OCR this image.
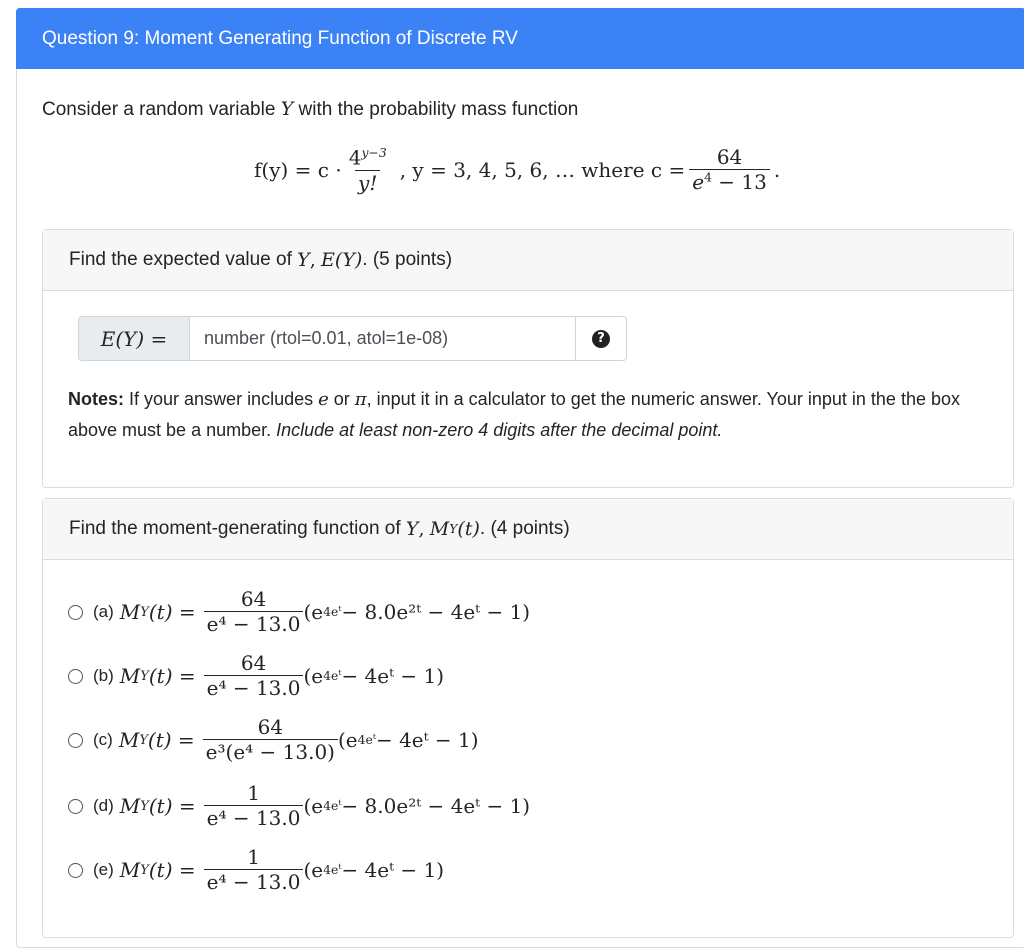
Question 9: Moment Generating Function of Discrete RV
Consider a random variable Y with the probability mass function
$f(y) = c \cdot \frac{4^{y-3}}{y!}$ , y = 3, 4, 5, 6, … where $c = \frac{64}{e^4 - 13}$ .
Find the expected value of
Y ,
E(Y) . (5 points)
E(Y) =
number (rtol=0.01, atol=1e-08)	?
Notes: If your answer includes e or π, input it in a calculator to get the numeric answer. Your input in the the box above must be a number. Include at least non-zero 4 digits after the decimal point.
Find the moment-generating function of
Y ,
M Y (t) . (4 points)
(a) M Y $(t) = \frac{64}{\text{e⁴ − 13.0}} (e$ $4e^t$ − 8.0e²ᵗ − 4eᵗ − 1)
(b) M Y $(t) = \frac{64}{\text{e⁴ − 13.0}} (e$ $4e^t$ − 4eᵗ − 1)
(c) M Y $(t) = \frac{64}{\text{e³(e⁴ − 13.0)}} (e$ $4e^t$ − 4eᵗ − 1)
(d) M Y $(t) = \frac{1}{\text{e⁴ − 13.0}} (e$ $4e^t$ − 8.0e²ᵗ − 4eᵗ − 1)
(e) M Y $(t) = \frac{1}{\text{e⁴ − 13.0}} (e$ $4e^t$ − 4eᵗ − 1)
